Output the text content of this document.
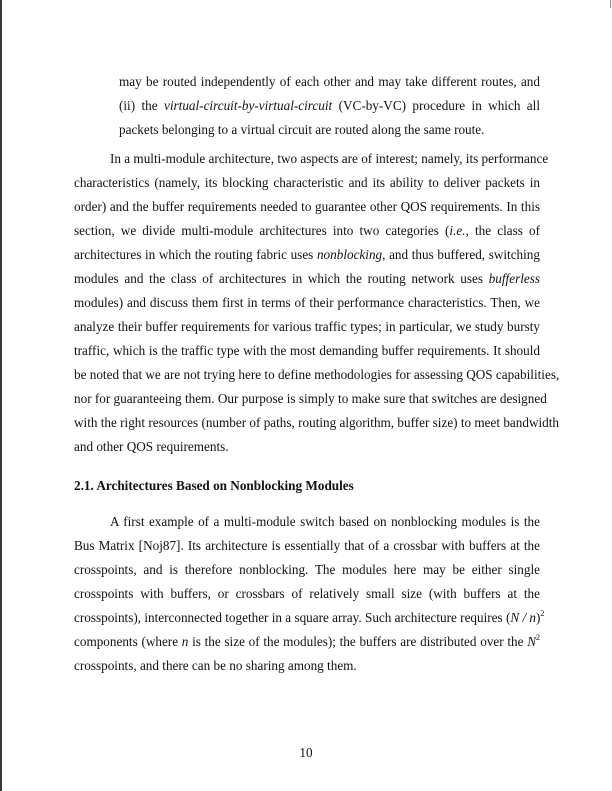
may be routed independently of each other and may take different routes, and
(ii) the virtual-circuit-by-virtual-circuit (VC-by-VC) procedure in which all
packets belonging to a virtual circuit are routed along the same route.
In a multi-module architecture, two aspects are of interest; namely, its performance
characteristics (namely, its blocking characteristic and its ability to deliver packets in
order) and the buffer requirements needed to guarantee other QOS requirements. In this
section, we divide multi-module architectures into two categories (i.e., the class of
architectures in which the routing fabric uses nonblocking, and thus buffered, switching
modules and the class of architectures in which the routing network uses bufferless
modules) and discuss them first in terms of their performance characteristics. Then, we
analyze their buffer requirements for various traffic types; in particular, we study bursty
traffic, which is the traffic type with the most demanding buffer requirements. It should
be noted that we are not trying here to define methodologies for assessing QOS capabilities,
nor for guaranteeing them. Our purpose is simply to make sure that switches are designed
with the right resources (number of paths, routing algorithm, buffer size) to meet bandwidth
and other QOS requirements.
2.1. Architectures Based on Nonblocking Modules
A first example of a multi-module switch based on nonblocking modules is the
Bus Matrix [Noj87]. Its architecture is essentially that of a crossbar with buffers at the
crosspoints, and is therefore nonblocking. The modules here may be either single
crosspoints with buffers, or crossbars of relatively small size (with buffers at the
crosspoints), interconnected together in a square array. Such architecture requires (N / n)$^2$
components (where n is the size of the modules); the buffers are distributed over the $N^2$
crosspoints, and there can be no sharing among them.
10
